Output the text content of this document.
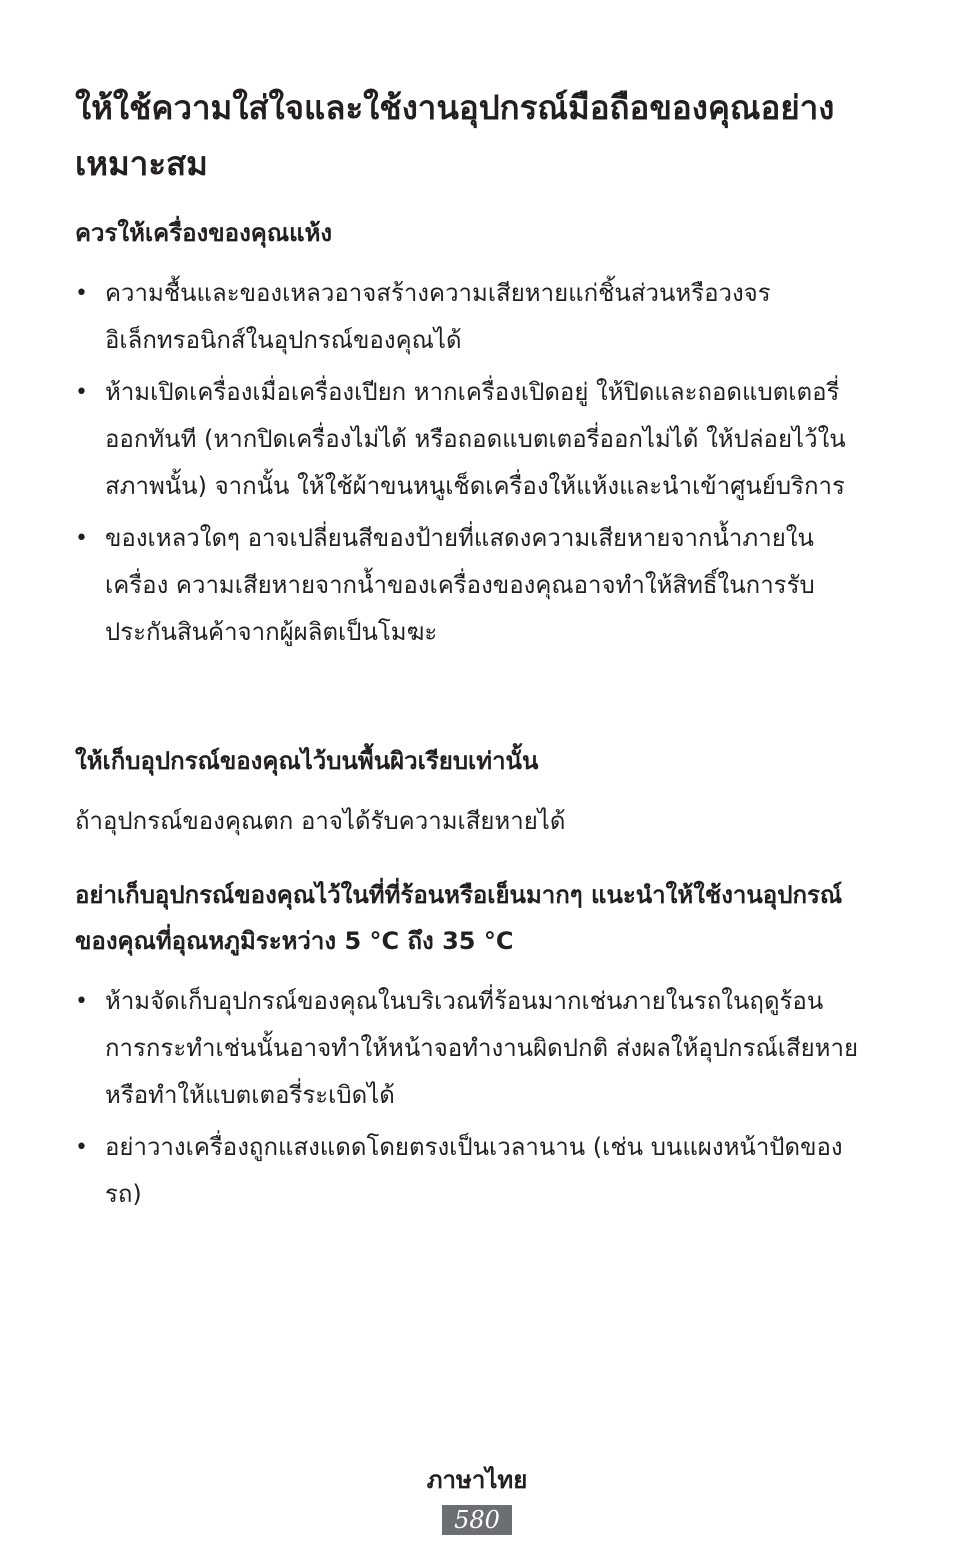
ให้ใช้ความใส่ใจและใช้งานอุปกรณ์มือถือของคุณอย่างเหมาะสม
ควรให้เครื่องของคุณแห้ง
• ความชื้นและของเหลวอาจสร้างความเสียหายแก่ชิ้นส่วนหรือวงจรอิเล็กทรอนิกส์ในอุปกรณ์ของคุณได้
• ห้ามเปิดเครื่องเมื่อเครื่องเปียก หากเครื่องเปิดอยู่ ให้ปิดและถอดแบตเตอรี่ออกทันที (หากปิดเครื่องไม่ได้ หรือถอดแบตเตอรี่ออกไม่ได้ ให้ปล่อยไว้ในสภาพนั้น) จากนั้น ให้ใช้ผ้าขนหนูเช็ดเครื่องให้แห้งและนำเข้าศูนย์บริการ
• ของเหลวใดๆ อาจเปลี่ยนสีของป้ายที่แสดงความเสียหายจากน้ำภายในเครื่อง ความเสียหายจากน้ำของเครื่องของคุณอาจทำให้สิทธิ์ในการรับประกันสินค้าจากผู้ผลิตเป็นโมฆะ
ให้เก็บอุปกรณ์ของคุณไว้บนพื้นผิวเรียบเท่านั้น

ถ้าอุปกรณ์ของคุณตก อาจได้รับความเสียหายได้

อย่าเก็บอุปกรณ์ของคุณไว้ในที่ที่ร้อนหรือเย็นมากๆ แนะนำให้ใช้งานอุปกรณ์ของคุณที่อุณหภูมิระหว่าง 5 °C ถึง 35 °C
• ห้ามจัดเก็บอุปกรณ์ของคุณในบริเวณที่ร้อนมากเช่นภายในรถในฤดูร้อน การกระทำเช่นนั้นอาจทำให้หน้าจอทำงานผิดปกติ ส่งผลให้อุปกรณ์เสียหาย หรือทำให้แบตเตอรี่ระเบิดได้
• อย่าวางเครื่องถูกแสงแดดโดยตรงเป็นเวลานาน (เช่น บนแผงหน้าปัดของรถ)
ภาษาไทย
580
